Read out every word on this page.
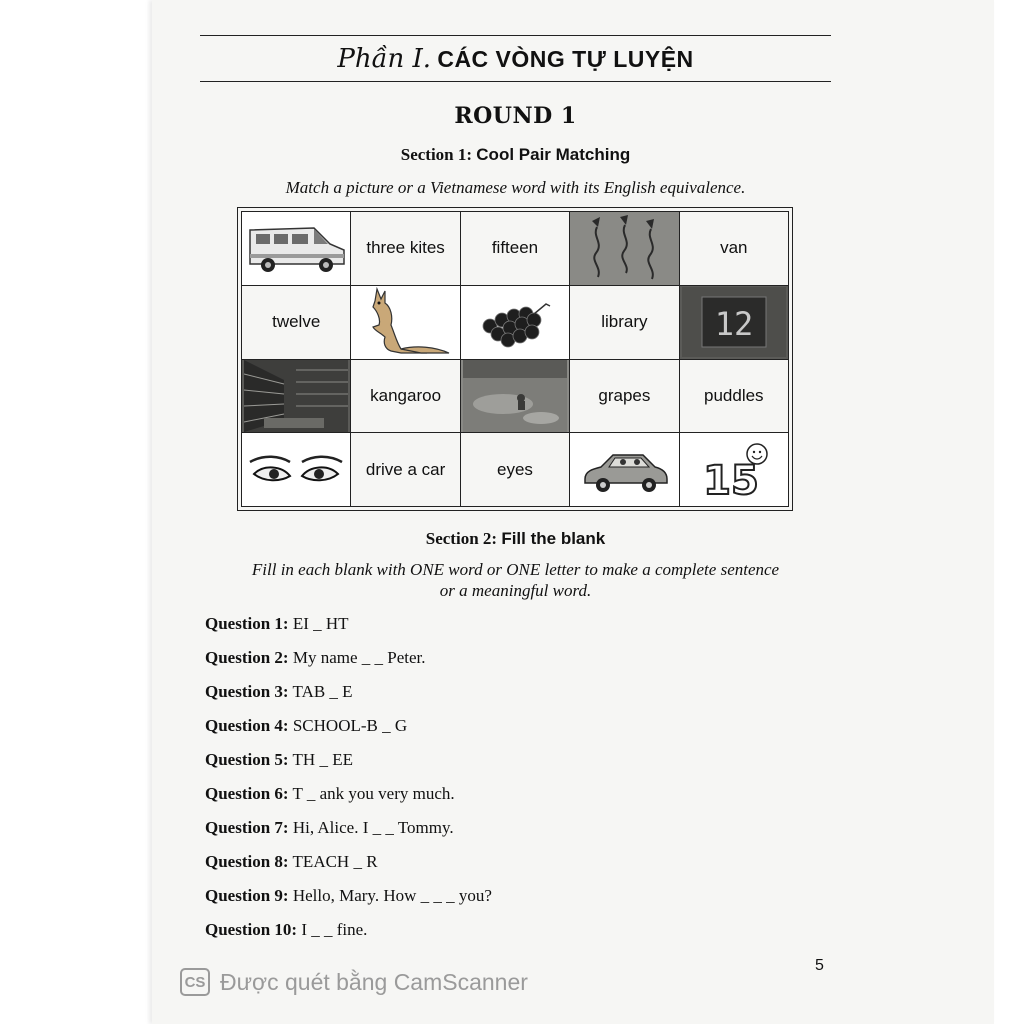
Phần I. CÁC VÒNG TỰ LUYỆN
ROUND 1
Section 1: Cool Pair Matching
Match a picture or a Vietnamese word with its English equivalence.
	three kites	fifteen		van
twelve			library	12

	kangaroo		grapes	puddles

	drive a car	eyes		15
Section 2: Fill the blank
Fill in each blank with ONE word or ONE letter to make a complete sentence
or a meaningful word.
Question 1: EI _ HT
Question 2: My name _ _ Peter.
Question 3: TAB _ E
Question 4: SCHOOL-B _ G
Question 5: TH _ EE
Question 6: T _ ank you very much.
Question 7: Hi, Alice. I _ _ Tommy.
Question 8: TEACH _ R
Question 9: Hello, Mary. How _ _ _ you?
Question 10: I _ _ fine.
5
CS Được quét bằng CamScanner
